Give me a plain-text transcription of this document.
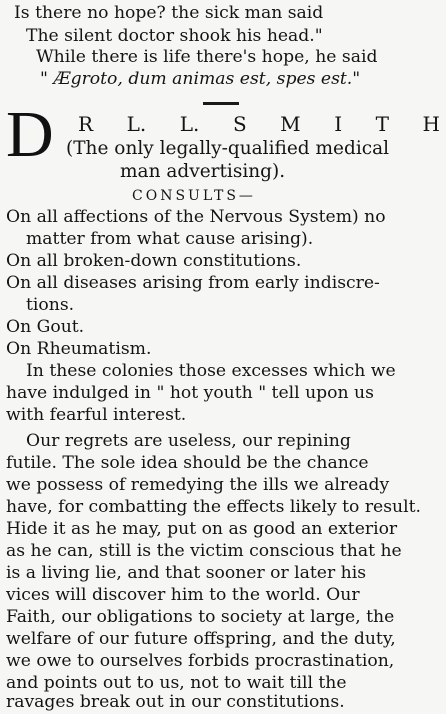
Is there no hope? the sick man said
The silent doctor shook his head."
While there is life there's hope, he said
" Ægroto, dum animas est, spes est."
D R L. L. S M I T H
(The only legally-qualified medical
man advertising).
CONSULTS—
On all affections of the Nervous System) no
matter from what cause arising).
On all broken-down constitutions.
On all diseases arising from early indiscre-
tions.
On Gout.
On Rheumatism.
In these colonies those excesses which we
have indulged in " hot youth " tell upon us
with fearful interest.
Our regrets are useless, our repining
futile. The sole idea should be the chance
we possess of remedying the ills we already
have, for combatting the effects likely to result.
Hide it as he may, put on as good an exterior
as he can, still is the victim conscious that he
is a living lie, and that sooner or later his
vices will discover him to the world. Our
Faith, our obligations to society at large, the
welfare of our future offspring, and the duty,
we owe to ourselves forbids procrastination,
and points out to us, not to wait till the
ravages break out in our constitutions.
